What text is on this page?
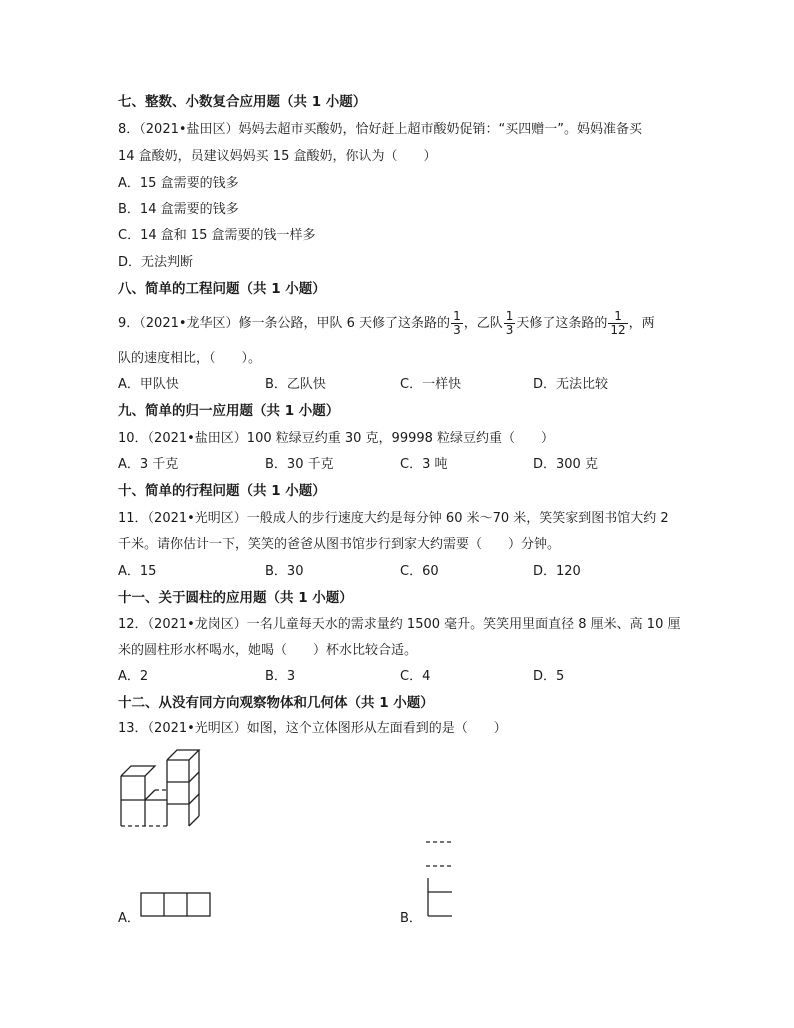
七、整数、小数复合应用题（共 1 小题）
8．（2021•盐田区）妈妈去超市买酸奶，恰好赶上超市酸奶促销：“买四赠一”。妈妈准备买
14 盒酸奶，员建议妈妈买 15 盒酸奶，你认为（　　）
A．15 盒需要的钱多
B．14 盒需要的钱多
C．14 盒和 15 盒需要的钱一样多
D．无法判断
八、简单的工程问题（共 1 小题）
9．（2021•龙华区）修一条公路，甲队 6 天修了这条路的 $\frac{1}{3}$ ，乙队 $\frac{1}{3}$ 天修了这条路的 $\frac{1}{12}$ ，两
队的速度相比，（　　）。
A．甲队快	B．乙队快	C．一样快	D．无法比较
九、简单的归一应用题（共 1 小题）
10．（2021•盐田区）100 粒绿豆约重 30 克，99998 粒绿豆约重（　　）
A．3 千克	B．30 千克	C．3 吨	D．300 克
十、简单的行程问题（共 1 小题）
11．（2021•光明区）一般成人的步行速度大约是每分钟 60 米～70 米，笑笑家到图书馆大约 2
千米。请你估计一下，笑笑的爸爸从图书馆步行到家大约需要（　　）分钟。
A．15	B．30	C．60	D．120
十一、关于圆柱的应用题（共 1 小题）
12．（2021•龙岗区）一名儿童每天水的需求量约 1500 毫升。笑笑用里面直径 8 厘米、高 10 厘
米的圆柱形水杯喝水，她喝（　　）杯水比较合适。
A．2	B．3	C．4	D．5
十二、从没有同方向观察物体和几何体（共 1 小题）
13．（2021•光明区）如图，这个立体图形从左面看到的是（　　）
A．	B．
